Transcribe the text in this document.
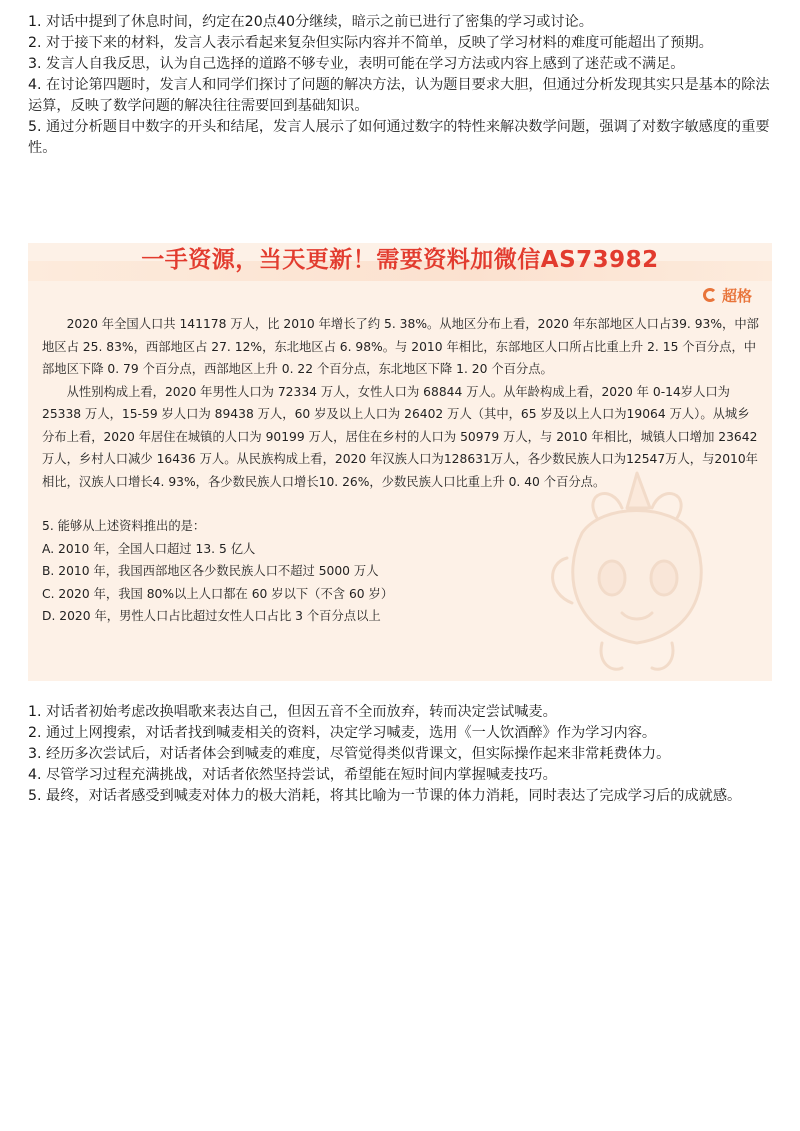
1. 对话中提到了休息时间，约定在20点40分继续，暗示之前已进行了密集的学习或讨论。

2. 对于接下来的材料，发言人表示看起来复杂但实际内容并不简单，反映了学习材料的难度可能超出了预期。

3. 发言人自我反思，认为自己选择的道路不够专业，表明可能在学习方法或内容上感到了迷茫或不满足。

4. 在讨论第四题时，发言人和同学们探讨了问题的解决方法，认为题目要求大胆，但通过分析发现其实只是基本的除法运算，反映了数学问题的解决往往需要回到基础知识。

5. 通过分析题目中数字的开头和结尾，发言人展示了如何通过数字的特性来解决数学问题，强调了对数字敏感度的重要性。

一手资源，当天更新！需要资料加微信AS73982
超格

2020 年全国人口共 141178 万人，比 2010 年增长了约 5. 38%。从地区分布上看，2020 年东部地区人口占39. 93%，中部地区占 25. 83%，西部地区占 27. 12%，东北地区占 6. 98%。与 2010 年相比，东部地区人口所占比重上升 2. 15 个百分点，中部地区下降 0. 79 个百分点，西部地区上升 0. 22 个百分点，东北地区下降 1. 20 个百分点。

从性别构成上看，2020 年男性人口为 72334 万人，女性人口为 68844 万人。从年龄构成上看，2020 年 0-14岁人口为 25338 万人，15-59 岁人口为 89438 万人，60 岁及以上人口为 26402 万人（其中，65 岁及以上人口为19064 万人）。从城乡分布上看，2020 年居住在城镇的人口为 90199 万人，居住在乡村的人口为 50979 万人，与 2010 年相比，城镇人口增加 23642 万人，乡村人口减少 16436 万人。从民族构成上看，2020 年汉族人口为128631万人，各少数民族人口为12547万人，与2010年相比，汉族人口增长4. 93%，各少数民族人口增长10. 26%，少数民族人口比重上升 0. 40 个百分点。

5. 能够从上述资料推出的是：
A. 2010 年，全国人口超过 13. 5 亿人
B. 2010 年，我国西部地区各少数民族人口不超过 5000 万人
C. 2020 年，我国 80%以上人口都在 60 岁以下（不含 60 岁）
D. 2020 年，男性人口占比超过女性人口占比 3 个百分点以上

1. 对话者初始考虑改换唱歌来表达自己，但因五音不全而放弃，转而决定尝试喊麦。

2. 通过上网搜索，对话者找到喊麦相关的资料，决定学习喊麦，选用《一人饮酒醉》作为学习内容。

3. 经历多次尝试后，对话者体会到喊麦的难度，尽管觉得类似背课文，但实际操作起来非常耗费体力。

4. 尽管学习过程充满挑战，对话者依然坚持尝试，希望能在短时间内掌握喊麦技巧。

5. 最终，对话者感受到喊麦对体力的极大消耗，将其比喻为一节课的体力消耗，同时表达了完成学习后的成就感。
